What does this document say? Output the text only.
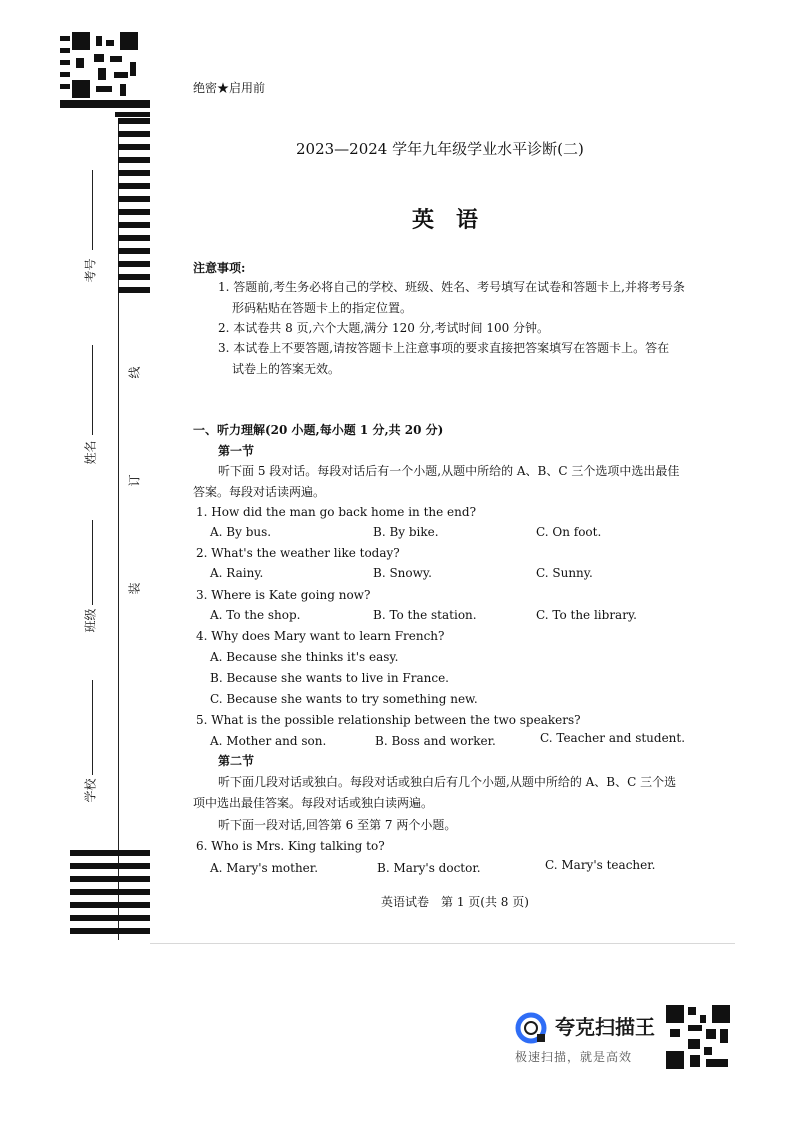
考号
姓名
班级
学校
线
订
装
绝密★启用前
2023—2024 学年九年级学业水平诊断(二)
英　语
注意事项:
1. 答题前,考生务必将自己的学校、班级、姓名、考号填写在试卷和答题卡上,并将考号条
形码粘贴在答题卡上的指定位置。
2. 本试卷共 8 页,六个大题,满分 120 分,考试时间 100 分钟。
3. 本试卷上不要答题,请按答题卡上注意事项的要求直接把答案填写在答题卡上。答在
试卷上的答案无效。
一、听力理解(20 小题,每小题 1 分,共 20 分)
第一节
听下面 5 段对话。每段对话后有一个小题,从题中所给的 A、B、C 三个选项中选出最佳
答案。每段对话读两遍。
1. How did the man go back home in the end?
A. By bus.	B. By bike.	C. On foot.
2. What's the weather like today?
A. Rainy.	B. Snowy.	C. Sunny.
3. Where is Kate going now?
A. To the shop.	B. To the station.	C. To the library.
4. Why does Mary want to learn French?
A. Because she thinks it's easy.
B. Because she wants to live in France.
C. Because she wants to try something new.
5. What is the possible relationship between the two speakers?
A. Mother and son.	B. Boss and worker.	C. Teacher and student.
第二节
听下面几段对话或独白。每段对话或独白后有几个小题,从题中所给的 A、B、C 三个选
项中选出最佳答案。每段对话或独白读两遍。
听下面一段对话,回答第 6 至第 7 两个小题。
6. Who is Mrs. King talking to?
A. Mary's mother.	B. Mary's doctor.	C. Mary's teacher.
英语试卷　第 1 页(共 8 页)
夸克扫描王
极速扫描，就是高效
